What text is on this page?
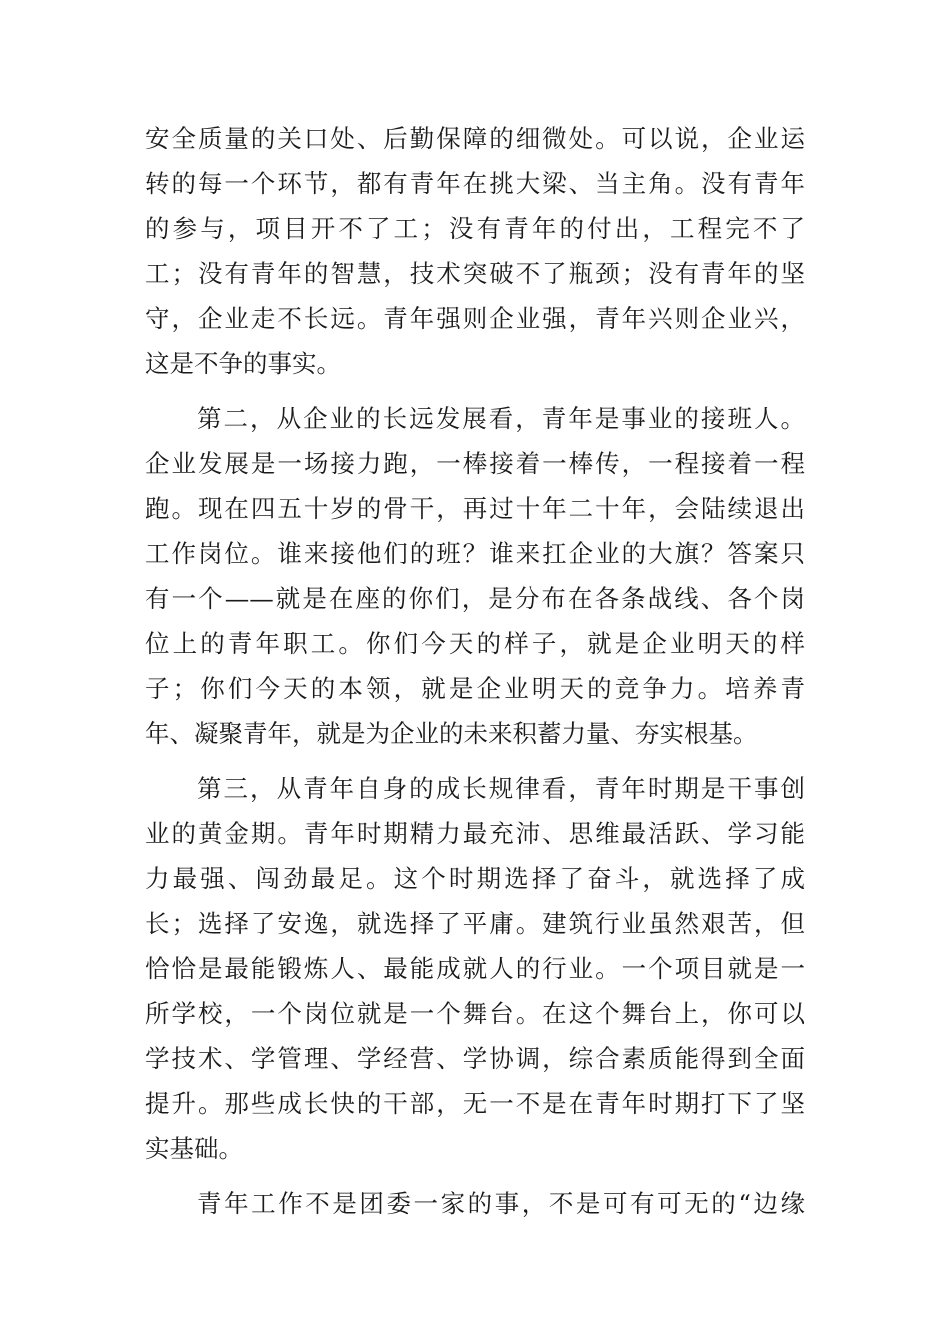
安全质量的关口处、后勤保障的细微处。可以说，企业运
转的每一个环节，都有青年在挑大梁、当主角。没有青年
的参与，项目开不了工；没有青年的付出，工程完不了
工；没有青年的智慧，技术突破不了瓶颈；没有青年的坚
守，企业走不长远。青年强则企业强，青年兴则企业兴，
这是不争的事实。
第二，从企业的长远发展看，青年是事业的接班人。
企业发展是一场接力跑，一棒接着一棒传，一程接着一程
跑。现在四五十岁的骨干，再过十年二十年，会陆续退出
工作岗位。谁来接他们的班？谁来扛企业的大旗？答案只
有一个——就是在座的你们，是分布在各条战线、各个岗
位上的青年职工。你们今天的样子，就是企业明天的样
子；你们今天的本领，就是企业明天的竞争力。培养青
年、凝聚青年，就是为企业的未来积蓄力量、夯实根基。
第三，从青年自身的成长规律看，青年时期是干事创
业的黄金期。青年时期精力最充沛、思维最活跃、学习能
力最强、闯劲最足。这个时期选择了奋斗，就选择了成
长；选择了安逸，就选择了平庸。建筑行业虽然艰苦，但
恰恰是最能锻炼人、最能成就人的行业。一个项目就是一
所学校，一个岗位就是一个舞台。在这个舞台上，你可以
学技术、学管理、学经营、学协调，综合素质能得到全面
提升。那些成长快的干部，无一不是在青年时期打下了坚
实基础。
青年工作不是团委一家的事，不是可有可无的“边缘
